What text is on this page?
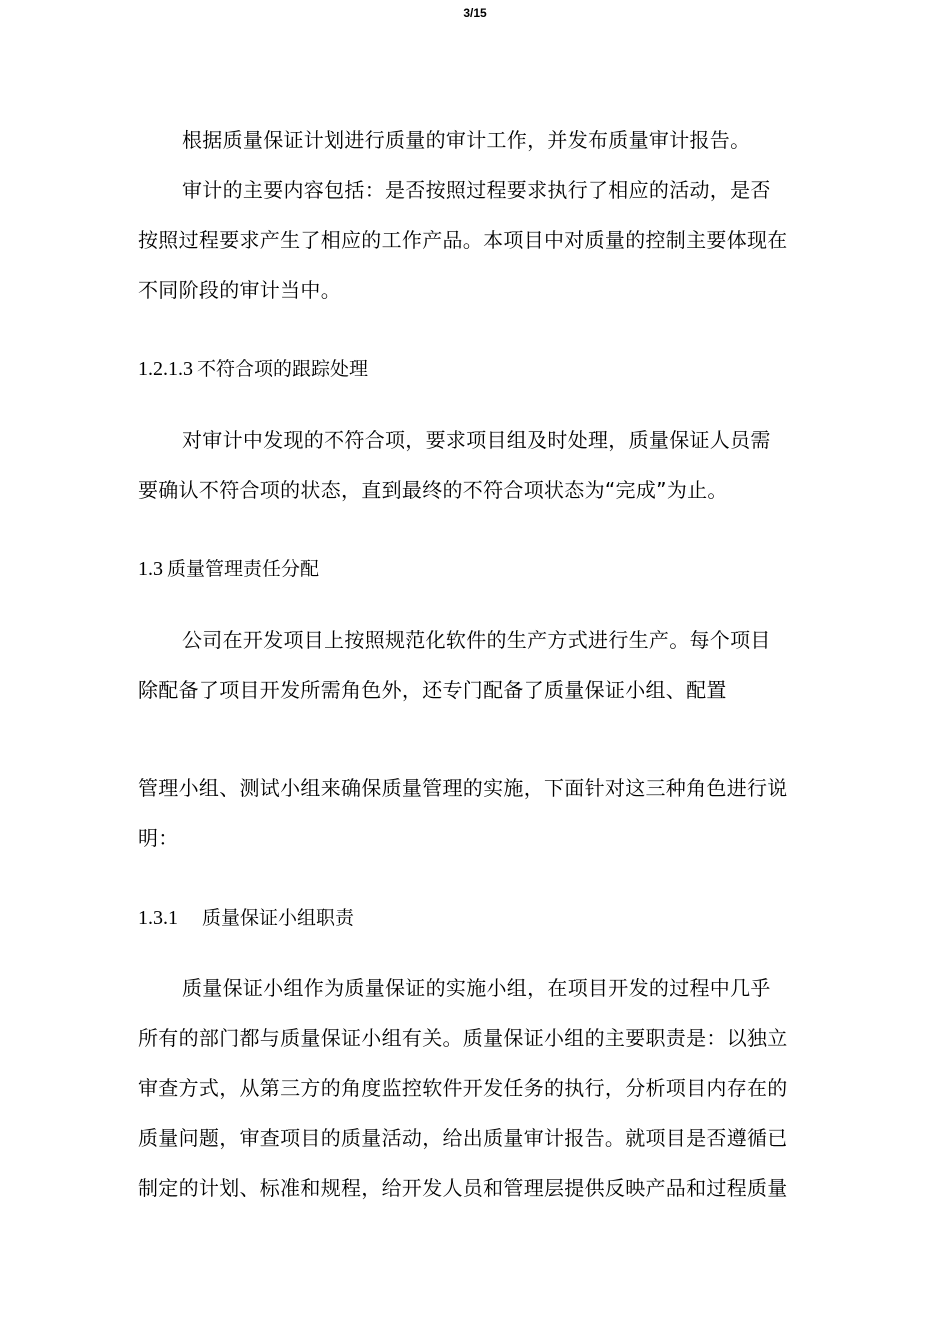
3/15
根据质量保证计划进行质量的审计工作，并发布质量审计报告。
审计的主要内容包括：是否按照过程要求执行了相应的活动，是否
按照过程要求产生了相应的工作产品。本项目中对质量的控制主要体现在
不同阶段的审计当中。
1.2.1.3 不符合项的跟踪处理
对审计中发现的不符合项，要求项目组及时处理，质量保证人员需
要确认不符合项的状态，直到最终的不符合项状态为“完成”为止。
1.3 质量管理责任分配
公司在开发项目上按照规范化软件的生产方式进行生产。每个项目
除配备了项目开发所需角色外，还专门配备了质量保证小组、配置
管理小组、测试小组来确保质量管理的实施，下面针对这三种角色进行说
明：
1.3.1 质量保证小组职责
质量保证小组作为质量保证的实施小组，在项目开发的过程中几乎
所有的部门都与质量保证小组有关。质量保证小组的主要职责是：以独立
审查方式，从第三方的角度监控软件开发任务的执行，分析项目内存在的
质量问题，审查项目的质量活动，给出质量审计报告。就项目是否遵循已
制定的计划、标准和规程，给开发人员和管理层提供反映产品和过程质量
